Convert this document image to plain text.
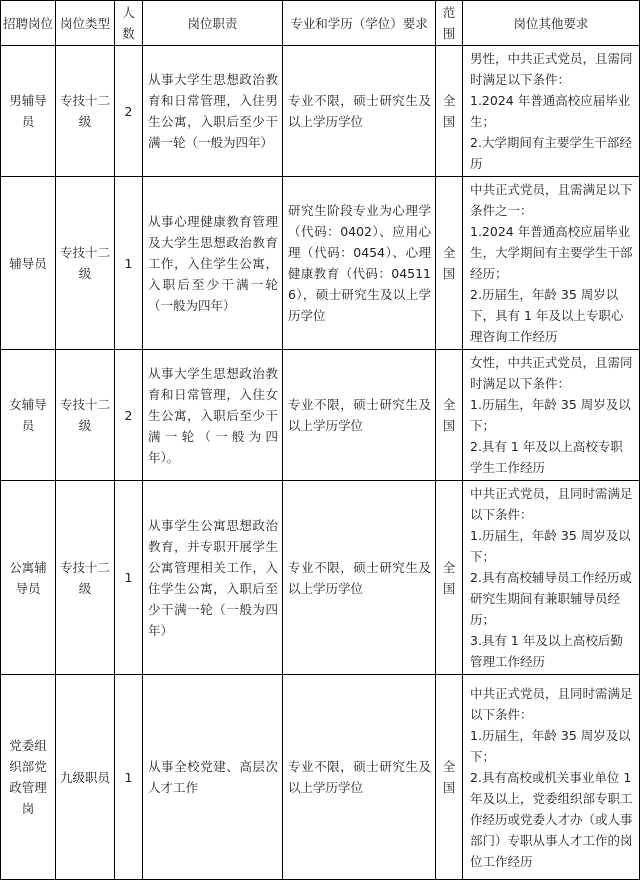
招聘岗位	岗位类型	人数	岗位职责	专业和学历（学位）要求	范围	岗位其他要求
男辅导员	专技十二级	2	从事大学生思想政治教育和日常管理，入住男生公寓，入职后至少干满一轮（一般为四年）	专业不限，硕士研究生及以上学历学位	全国	男性，中共正式党员，且需同时满足以下条件：
1.2024 年普通高校应届毕业生；
2.大学期间有主要学生干部经历

辅导员	专技十二级	1	从事心理健康教育管理及大学生思想政治教育工作，入住学生公寓，入职后至少干满一轮（一般为四年）	研究生阶段专业为心理学（代码：0402）、应用心理（代码：0454）、心理健康教育（代码：045116），硕士研究生及以上学历学位	全国	中共正式党员，且需满足以下条件之一：
1.2024 年普通高校应届毕业生，大学期间有主要学生干部经历；
2.历届生，年龄 35 周岁以下，具有 1 年及以上专职心理咨询工作经历

女辅导员	专技十二级	2	从事大学生思想政治教育和日常管理，入住女生公寓，入职后至少干满一轮（一般为四年）。	专业不限，硕士研究生及以上学历学位	全国	女性，中共正式党员，且需同时满足以下条件：
1.历届生，年龄 35 周岁及以下；
2.具有 1 年及以上高校专职学生工作经历

公寓辅导员	专技十二级	1	从事学生公寓思想政治教育，并专职开展学生公寓管理相关工作，入住学生公寓，入职后至少干满一轮（一般为四年）	专业不限，硕士研究生及以上学历学位	全国	中共正式党员，且同时需满足以下条件：
1.历届生，年龄 35 周岁及以下；
2.具有高校辅导员工作经历或研究生期间有兼职辅导员经历；
3.具有 1 年及以上高校后勤管理工作经历

党委组织部党政管理岗	九级职员	1	从事全校党建、高层次人才工作	专业不限，硕士研究生及以上学历学位	全国	中共正式党员，且同时需满足以下条件：
1.历届生，年龄 35 周岁及以下；
2.具有高校或机关事业单位 1 年及以上，党委组织部专职工作经历或党委人才办（或人事部门）专职从事人才工作的岗位工作经历
